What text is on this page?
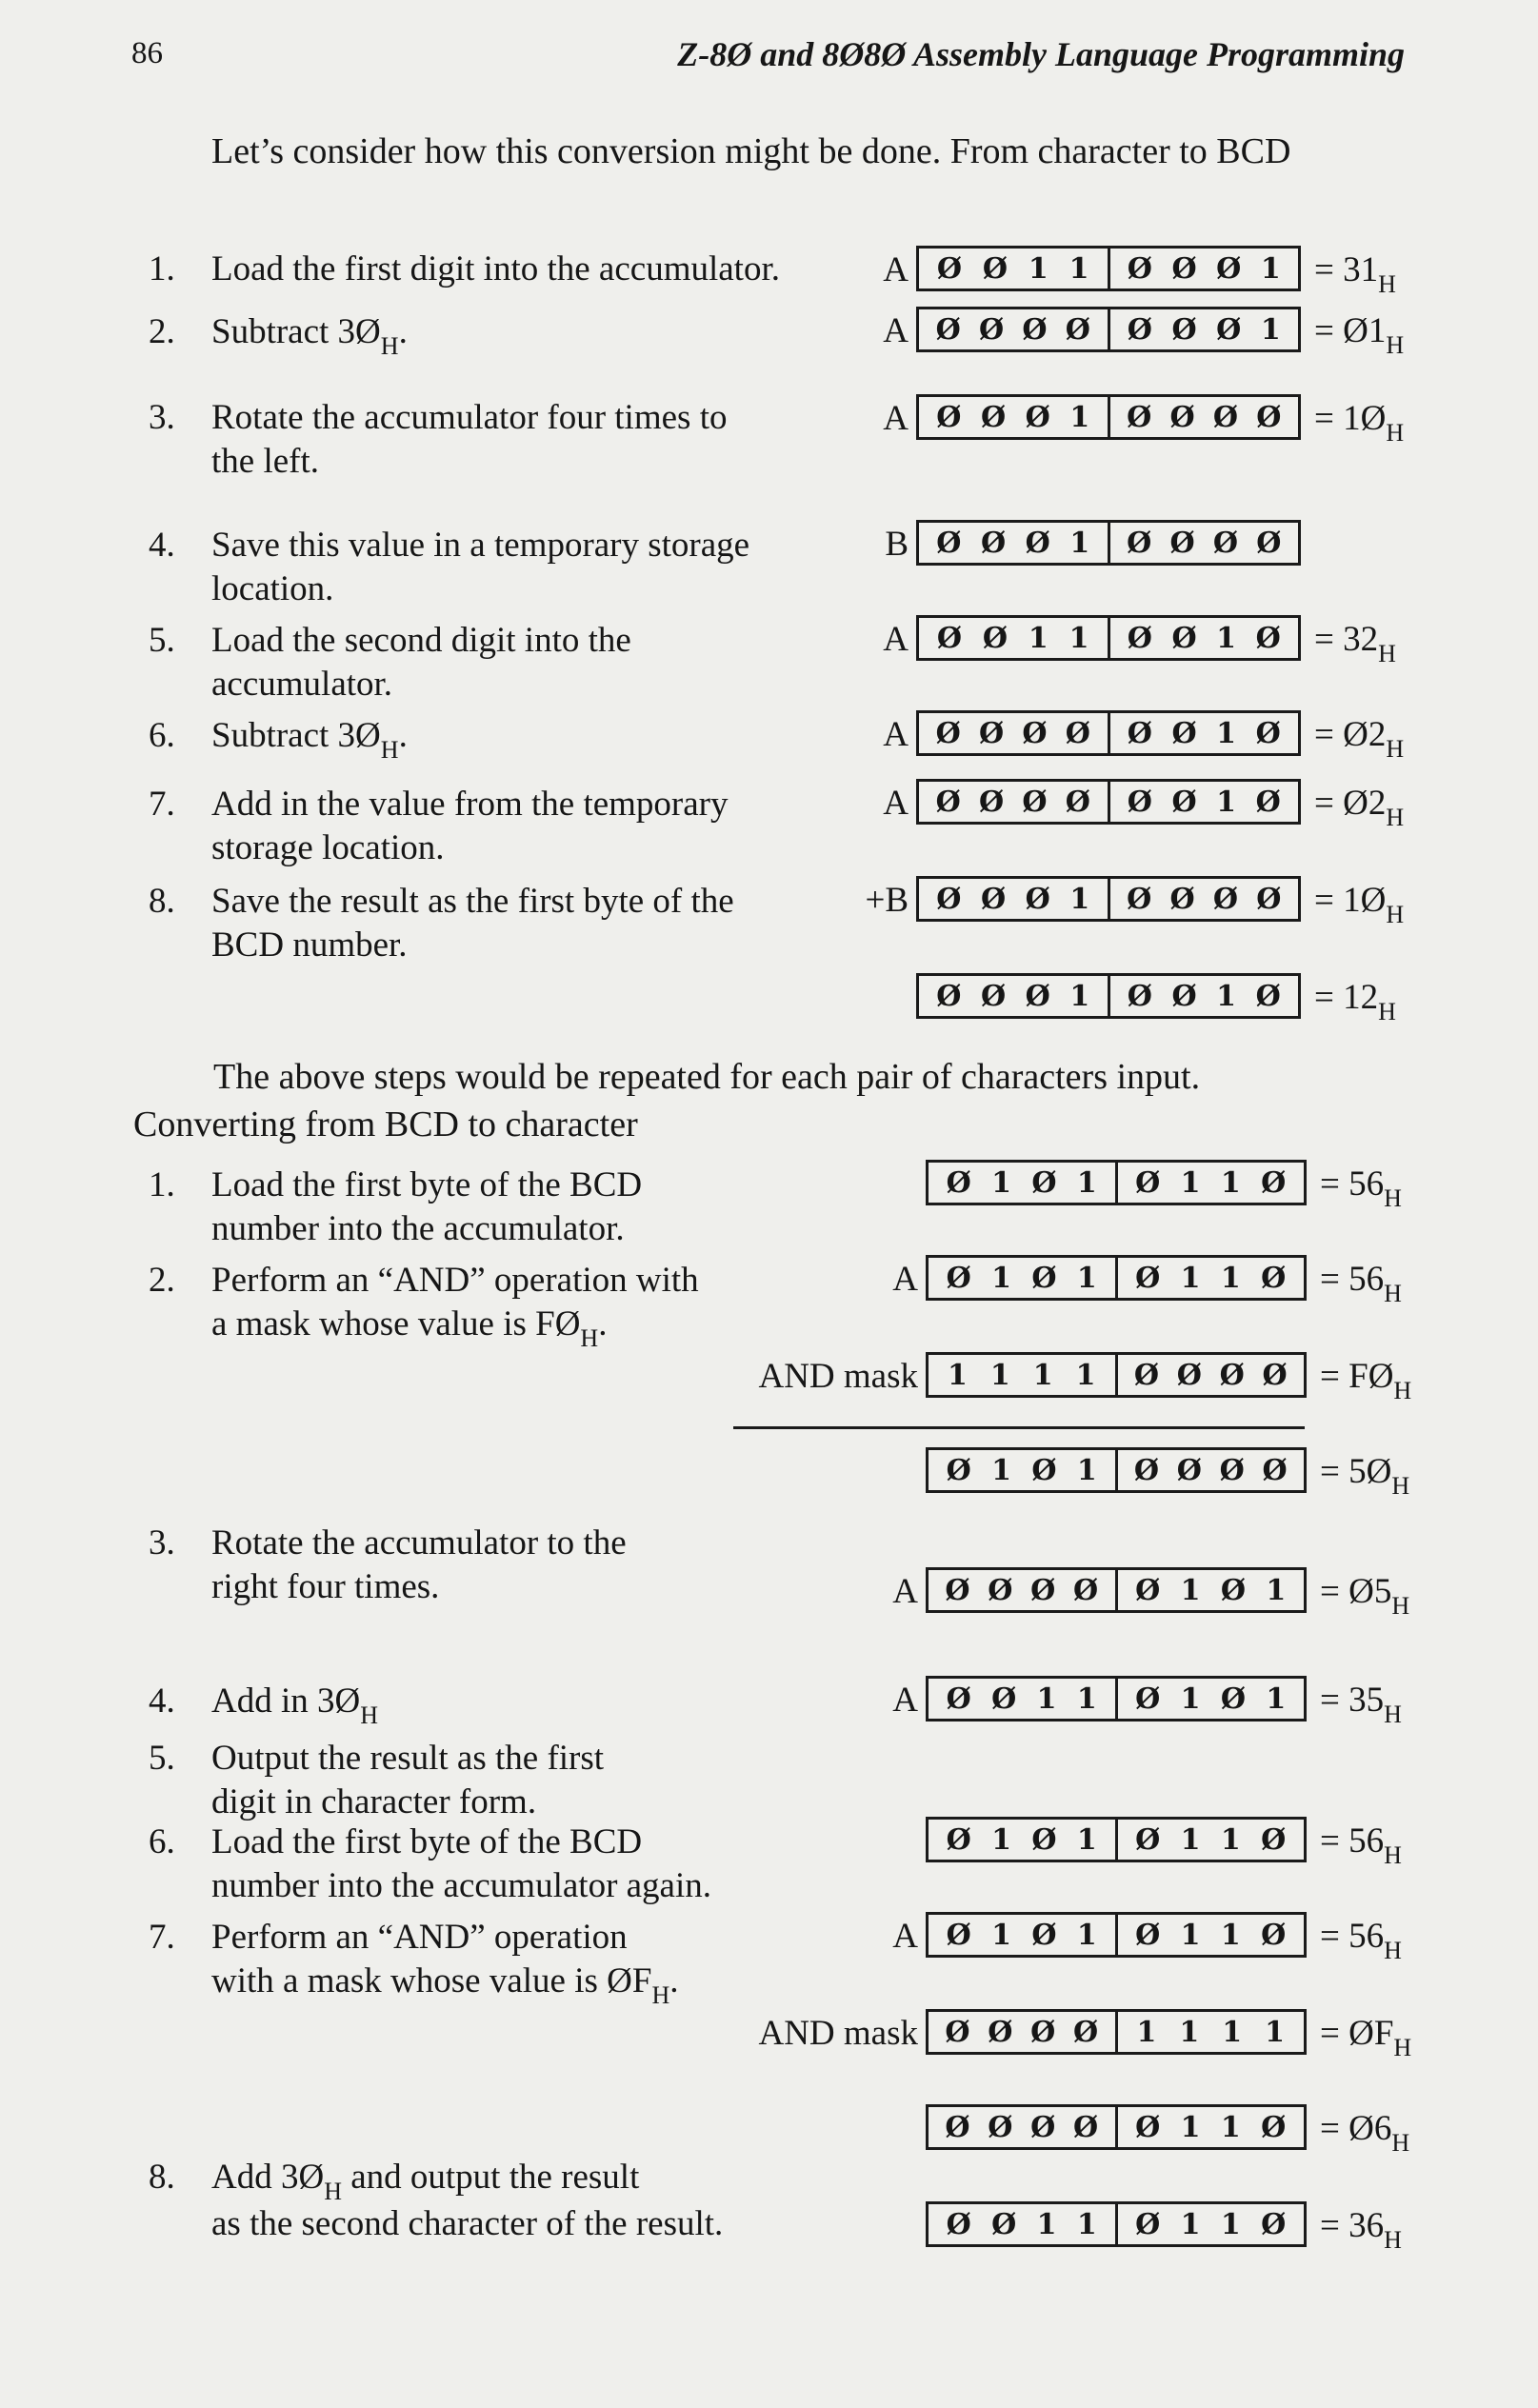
86	Z-8Ø and 8Ø8Ø Assembly Language Programming
Let’s consider how this conversion might be done. From character to BCD
1. Load the first digit into the accumulator.	A Ø Ø 1 1 Ø Ø Ø $1 = 31_H$
2. Subtract $3Ø_H$.	A Ø Ø Ø Ø Ø Ø Ø $1 = Ø1_H$
3. Rotate the accumulator four times to
the left.
A Ø Ø Ø 1 Ø Ø Ø Ø = $1Ø_H$
4. Save this value in a temporary storage
location.
B Ø Ø Ø 1 Ø Ø Ø Ø
5. Load the second digit into the
accumulator.
A Ø Ø 1 1 Ø Ø 1 Ø = $32_H$
6. Subtract $3Ø_H$.	A Ø Ø Ø Ø Ø Ø 1 Ø = $Ø2_H$
7. Add in the value from the temporary
storage location.
A Ø Ø Ø Ø Ø Ø 1 Ø = $Ø2_H$
8. Save the result as the first byte of the
BCD number.
+B Ø Ø Ø 1 Ø Ø Ø Ø = $1Ø_H$
Ø Ø Ø 1 Ø Ø 1 Ø = $12_H$
The above steps would be repeated for each pair of characters input.
Converting from BCD to character
1. Load the first byte of the BCD
number into the accumulator.
Ø 1 Ø 1 Ø 1 1 Ø = $56_H$
2. Perform an “AND” operation with
a mask whose value is $FØ_H$.
A Ø 1 Ø 1 Ø 1 1 Ø = $56_H$
AND mask 1 1 1 1 Ø Ø Ø Ø = $FØ_H$
Ø 1 Ø 1 Ø Ø Ø Ø = $5Ø_H$
3. Rotate the accumulator to the
right four times.	A Ø Ø Ø Ø Ø 1 Ø $1 = Ø5_H$
4. Add in $3Ø_H$	A Ø Ø 1 1 Ø 1 Ø $1 = 35_H$
5. Output the result as the first
digit in character form.
6. Load the first byte of the BCD
number into the accumulator again.
Ø 1 Ø 1 Ø 1 1 Ø = $56_H$
7. Perform an “AND” operation
with a mask whose value is $ØF_H$.
A Ø 1 Ø 1 Ø 1 1 Ø = $56_H$
AND mask Ø Ø Ø Ø 1 1 1 $1 = ØF_H$
Ø Ø Ø Ø Ø 1 1 Ø = $Ø6_H$
8. Add $3Ø_H$ and output the result
as the second character of the result.	Ø Ø 1 1 Ø 1 1 Ø = $36_H$
